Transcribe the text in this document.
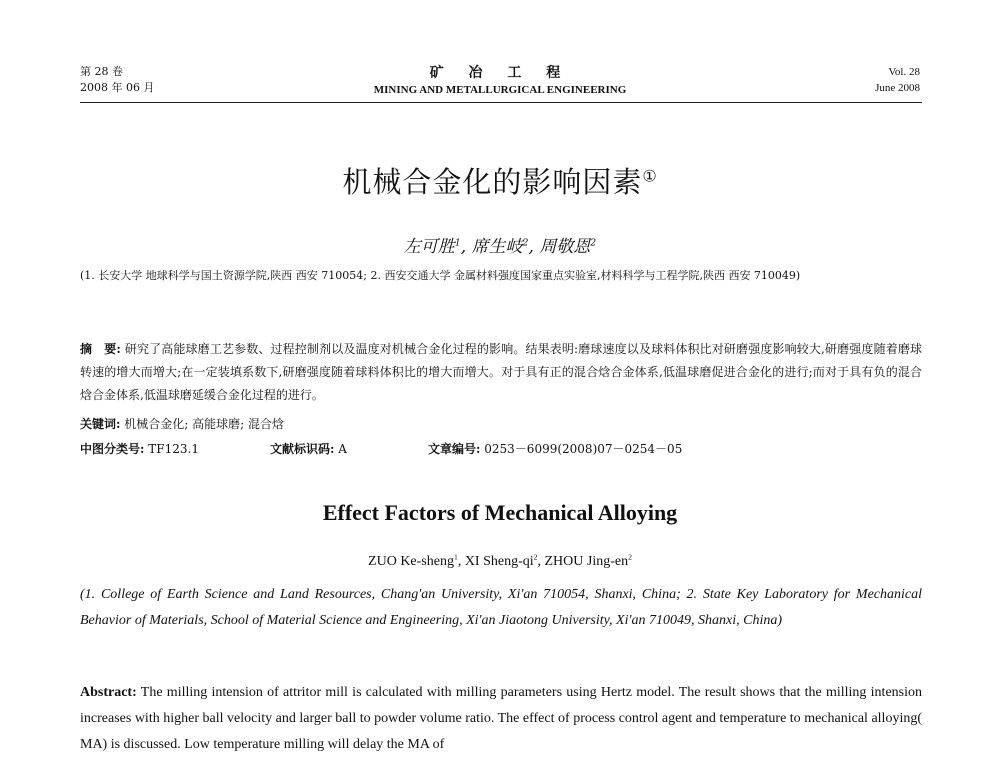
第 28 卷
2008 年 06 月
矿 冶 工 程
MINING AND METALLURGICAL ENGINEERING
Vol. 28
June 2008
机械合金化的影响因素①
左可胜$^1$, 席生岐$^2$, 周敬恩$^2$
(1. 长安大学 地球科学与国土资源学院,陕西 西安 710054; 2. 西安交通大学 金属材料强度国家重点实验室,材料科学与工程学院,陕西 西安 710049)
摘　要: 研究了高能球磨工艺参数、过程控制剂以及温度对机械合金化过程的影响。结果表明:磨球速度以及球料体积比对研磨强度影响较大,研磨强度随着磨球转速的增大而增大;在一定装填系数下,研磨强度随着球料体积比的增大而增大。对于具有正的混合焓合金体系,低温球磨促进合金化的进行;而对于具有负的混合焓合金体系,低温球磨延缓合金化过程的进行。
关键词: 机械合金化; 高能球磨; 混合焓
中图分类号: TF123.1	文献标识码: A	文章编号: 0253－6099(2008)07－0254－05
Effect Factors of Mechanical Alloying
ZUO Ke-sheng$^1$, XI Sheng-$qi^2$, ZHOU Jing-$en^2$
(1. College of Earth Science and Land Resources, Chang'an University, Xi'an 710054, Shanxi, China; 2. State Key Laboratory for Mechanical Behavior of Materials, School of Material Science and Engineering, Xi'an Jiaotong University, Xi'an 710049, Shanxi, China)
Abstract: The milling intension of attritor mill is calculated with milling parameters using Hertz model. The result shows that the milling intension increases with higher ball velocity and larger ball to powder volume ratio. The effect of process control agent and temperature to mechanical alloying( MA) is discussed. Low temperature milling will delay the MA of
